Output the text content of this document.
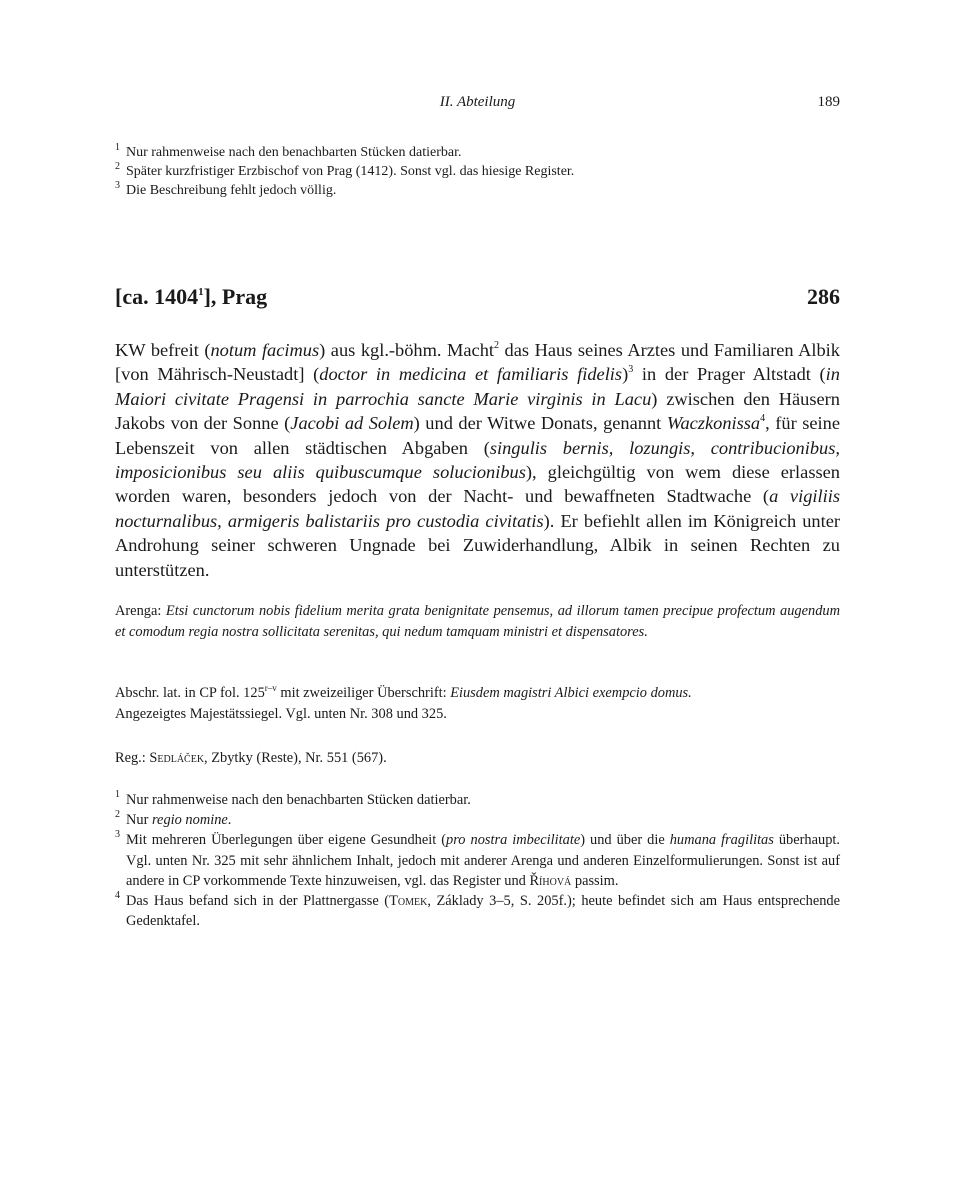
II. Abteilung	189
1 Nur rahmenweise nach den benachbarten Stücken datierbar.
2 Später kurzfristiger Erzbischof von Prag (1412). Sonst vgl. das hiesige Register.
3 Die Beschreibung fehlt jedoch völlig.
[ca. 1404$^1$], Prag	286
KW befreit (notum facimus) aus kgl.-böhm. Macht$^2$ das Haus seines Arztes und Familiaren Albik [von Mährisch-Neustadt] (doctor in medicina et familiaris fidelis)$^3$ in der Prager Altstadt (in Maiori civitate Pragensi in parrochia sancte Marie virginis in Lacu) zwischen den Häusern Jakobs von der Sonne (Jacobi ad Solem) und der Witwe Donats, genannt Waczkonissa$^4$, für seine Lebenszeit von allen städtischen Abgaben (singulis bernis, lozungis, contribucionibus, imposicionibus seu aliis quibuscumque solucionibus), gleichgültig von wem diese erlassen worden waren, besonders jedoch von der Nacht- und bewaffneten Stadtwache (a vigiliis nocturnalibus, armigeris balistariis pro custodia civitatis). Er befiehlt allen im Königreich unter Androhung seiner schweren Ungnade bei Zuwiderhandlung, Albik in seinen Rechten zu unterstützen.
Arenga: Etsi cunctorum nobis fidelium merita grata benignitate pensemus, ad illorum tamen precipue profectum augendum et comodum regia nostra sollicitata serenitas, qui nedum tamquam ministri et dispensatores.
Abschr. lat. in CP fol. 125$^{r-v}$ mit zweizeiliger Überschrift: Eiusdem magistri Albici exempcio domus.
Angezeigtes Majestätssiegel. Vgl. unten Nr. 308 und 325.
Reg.: Sedláček, Zbytky (Reste), Nr. 551 (567).
1 Nur rahmenweise nach den benachbarten Stücken datierbar.
2 Nur regio nomine.
3 Mit mehreren Überlegungen über eigene Gesundheit (pro nostra imbecilitate) und über die humana fragilitas überhaupt. Vgl. unten Nr. 325 mit sehr ähnlichem Inhalt, jedoch mit anderer Arenga und anderen Einzelformulierungen. Sonst ist auf andere in CP vorkommende Texte hinzuweisen, vgl. das Register und Říhová passim.
4 Das Haus befand sich in der Plattnergasse (Tomek, Základy 3–5, S. 205f.); heute befindet sich am Haus entsprechende Gedenktafel.
